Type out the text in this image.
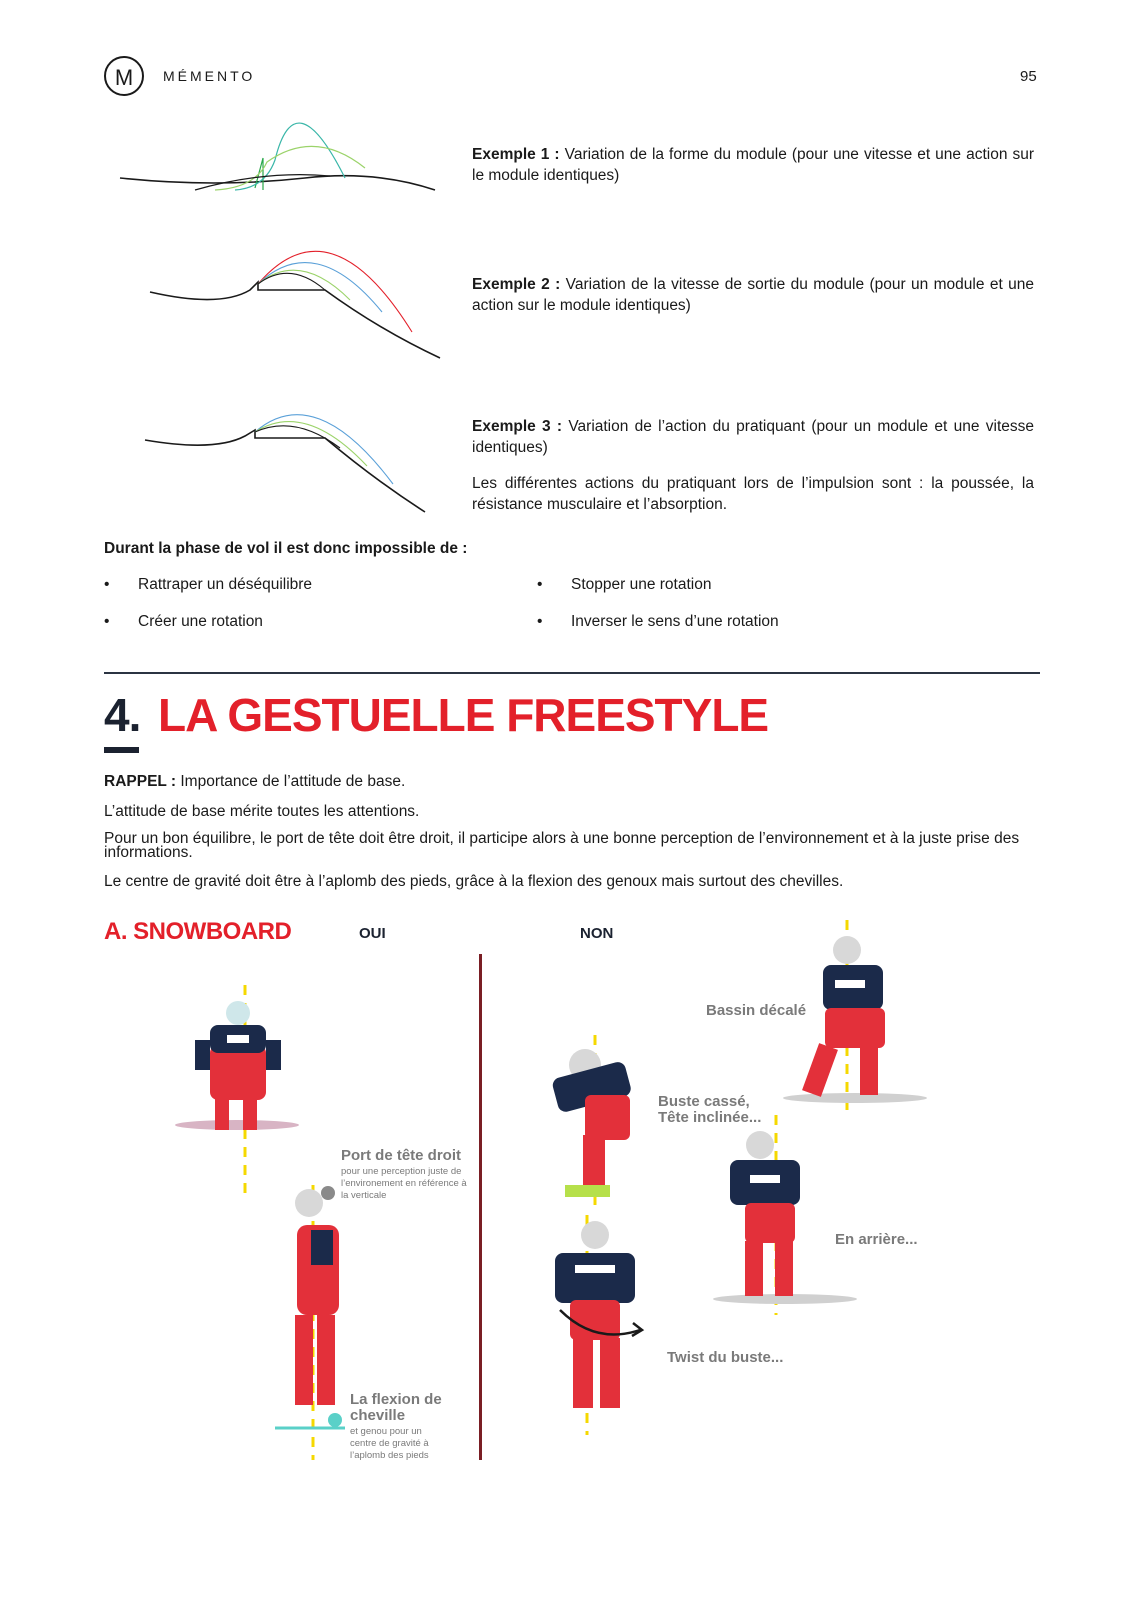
M	MÉMENTO	95
Exemple 1 : Variation de la forme du module (pour une vitesse et une action sur le module identiques)
Exemple 2 : Variation de la vitesse de sortie du module (pour un module et une action sur le module identiques)
Exemple 3 : Variation de l’action du pratiquant (pour un module et une vitesse identiques)
Les différentes actions du pratiquant lors de l’impulsion sont : la poussée, la résistance musculaire et l’absorption.
Durant la phase de vol il est donc impossible de :
• Rattraper un déséquilibre	• Stopper une rotation
• Créer une rotation	• Inverser le sens d’une rotation
4. LA GESTUELLE FREESTYLE
RAPPEL : Importance de l’attitude de base.
L’attitude de base mérite toutes les attentions.
Pour un bon équilibre, le port de tête doit être droit, il participe alors à une bonne perception de l’environnement et à la juste prise des informations.
Le centre de gravité doit être à l’aplomb des pieds, grâce à la flexion des genoux mais surtout des chevilles.
A. SNOWBOARD	OUI	NON
Port de tête droit
pour une perception juste de l’environement en référence à la verticale
La flexion de cheville
et genou pour un centre de gravité à l’aplomb des pieds
Bassin décalé
Buste cassé, Tête inclinée...
En arrière...
Twist du buste...
